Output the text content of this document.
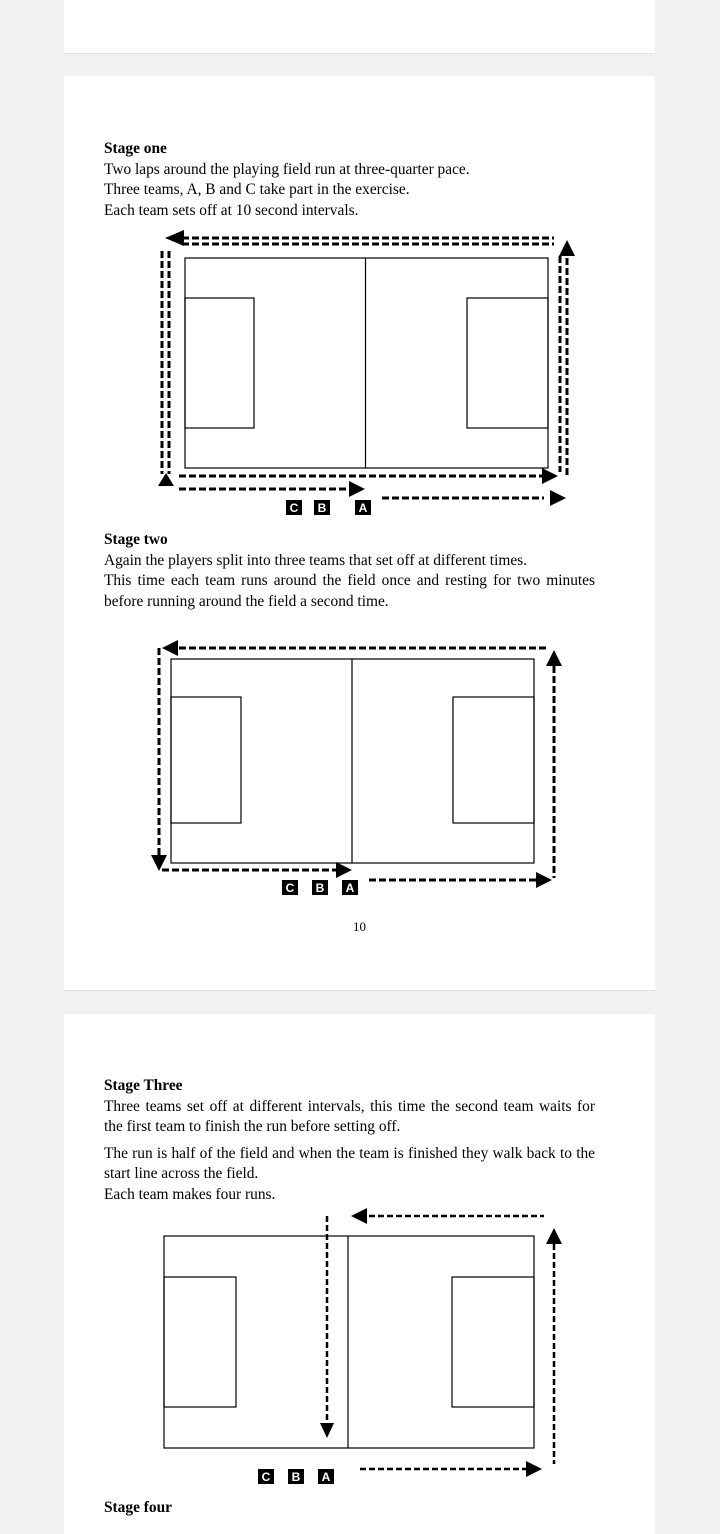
Stage one

Two laps around the playing field run at three-quarter pace.

Three teams, A, B and C take part in the exercise.

Each team sets off at 10 second intervals.

C B	A

Stage two

Again the players split into three teams that set off at different times.

This time each team runs around the field once and resting for two minutes before running around the field a second time.

C B A
10

Stage Three

Three teams set off at different intervals, this time the second team waits for the first team to finish the run before setting off.

The run is half of the field and when the team is finished they walk back to the start line across the field.

Each team makes four runs.

C B A

Stage four
